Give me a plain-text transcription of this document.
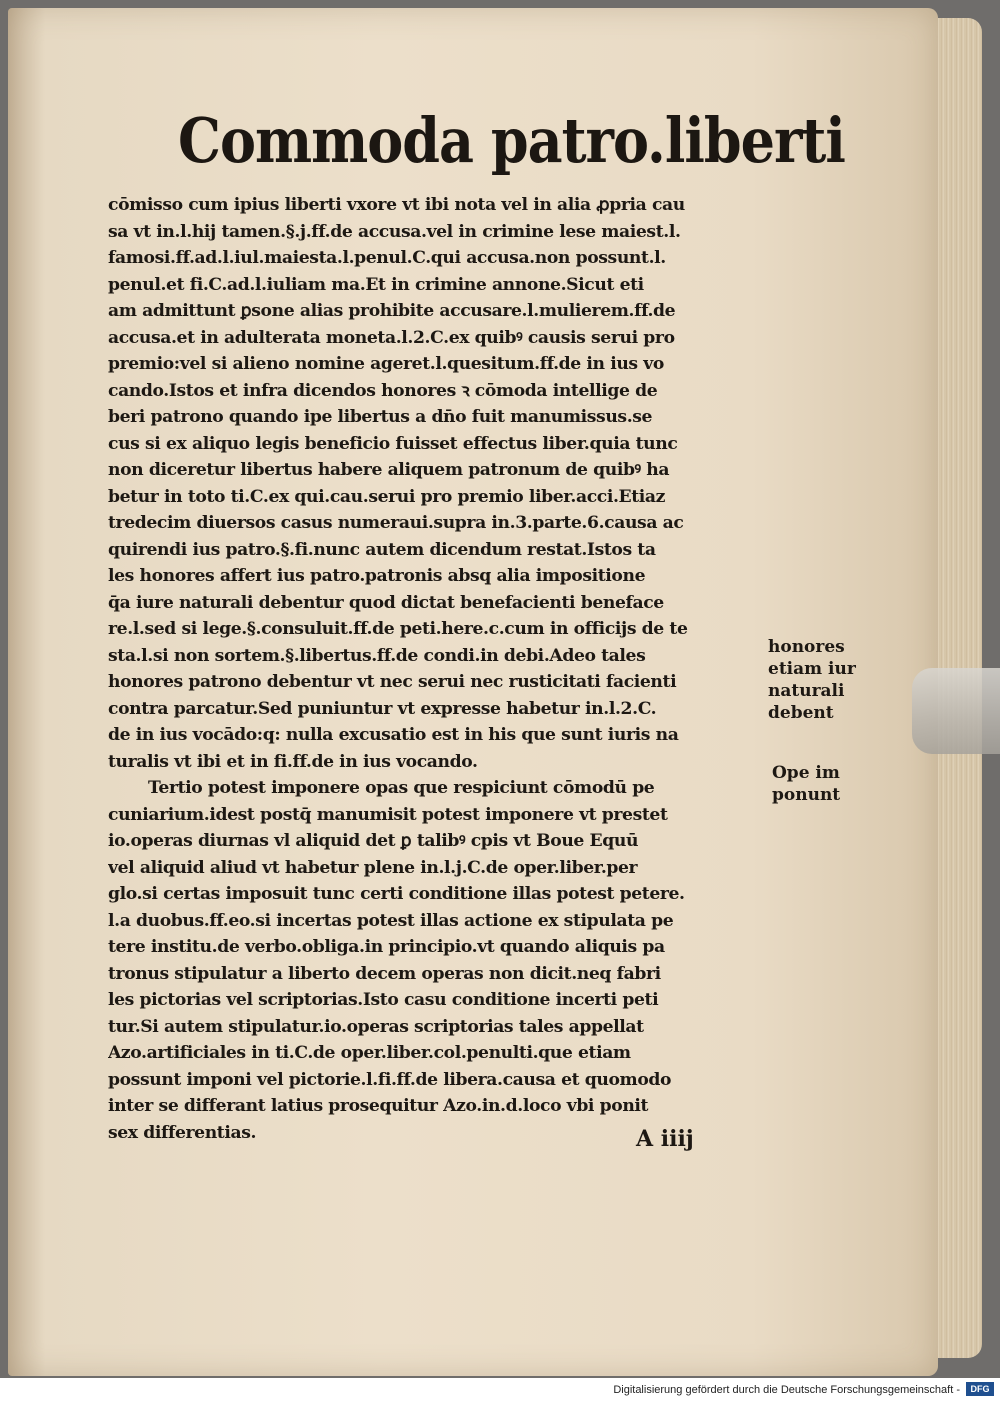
Commoda patro.liberti
cōmisso cum ipius liberti vxore vt ibi nota vel in alia ꝓpria cau
sa vt in.l.hij tamen.§.j.ff.de accusa.vel in crimine lese maiest.l.
famosi.ff.ad.l.iul.maiesta.l.penul.C.qui accusa.non possunt.l.
penul.et fi.C.ad.l.iuliam ma.Et in crimine annone.Sicut eti
am admittunt ꝑsone alias prohibite accusare.l.mulierem.ff.de
accusa.et in adulterata moneta.l.2.C.ex quibꝰ causis serui pro
premio:vel si alieno nomine ageret.l.quesitum.ff.de in ius vo
cando.Istos et infra dicendos honores ꝛ cōmoda intellige de
beri patrono quando ipe libertus a dn̄o fuit manumissus.se
cus si ex aliquo legis beneficio fuisset effectus liber.quia tunc
non diceretur libertus habere aliquem patronum de quibꝰ ha
betur in toto ti.C.ex qui.cau.serui pro premio liber.acci.Etiaz
tredecim diuersos casus numeraui.supra in.3.parte.6.causa ac
quirendi ius patro.§.fi.nunc autem dicendum restat.Istos ta
les honores affert ius patro.patronis absq̧ alia impositione
q̄a iure naturali debentur quod dictat benefacienti beneface
re.l.sed si lege.§.consuluit.ff.de peti.here.c.cum in officijs de te
sta.l.si non sortem.§.libertus.ff.de condi.in debi.Adeo tales
honores patrono debentur vt nec serui nec rusticitati facienti
contra parcatur.Sed puniuntur vt expresse habetur in.l.2.C.
de in ius vocādo:q: nulla excusatio est in his que sunt iuris na
turalis vt ibi et in fi.ff.de in ius vocando.
Tertio potest imponere opas que respiciunt cōmodū pe
cuniarium.idest postq̄ manumisit potest imponere vt prestet
io.operas diurnas vl aliquid det ꝑ talibꝰ cpis vt Boue Equū
vel aliquid aliud vt habetur plene in.l.j.C.de oper.liber.per
glo.si certas imposuit tunc certi conditione illas potest petere.
l.a duobus.ff.eo.si incertas potest illas actione ex stipulata pe
tere institu.de verbo.obliga.in principio.vt quando aliquis pa
tronus stipulatur a liberto decem operas non dicit.neq̧ fabri
les pictorias vel scriptorias.Isto casu conditione incerti peti
tur.Si autem stipulatur.io.operas scriptorias tales appellat
Azo.artificiales in ti.C.de oper.liber.col.penulti.que etiam
possunt imponi vel pictorie.l.fi.ff.de libera.causa et quomodo
inter se differant latius prosequitur Azo.in.d.loco vbi ponit
sex differentias.
honores
etiam iur
naturali
debent
Ope im
ponunt
A iiij
Digitalisierung gefördert durch die Deutsche Forschungsgemeinschaft -	DFG
